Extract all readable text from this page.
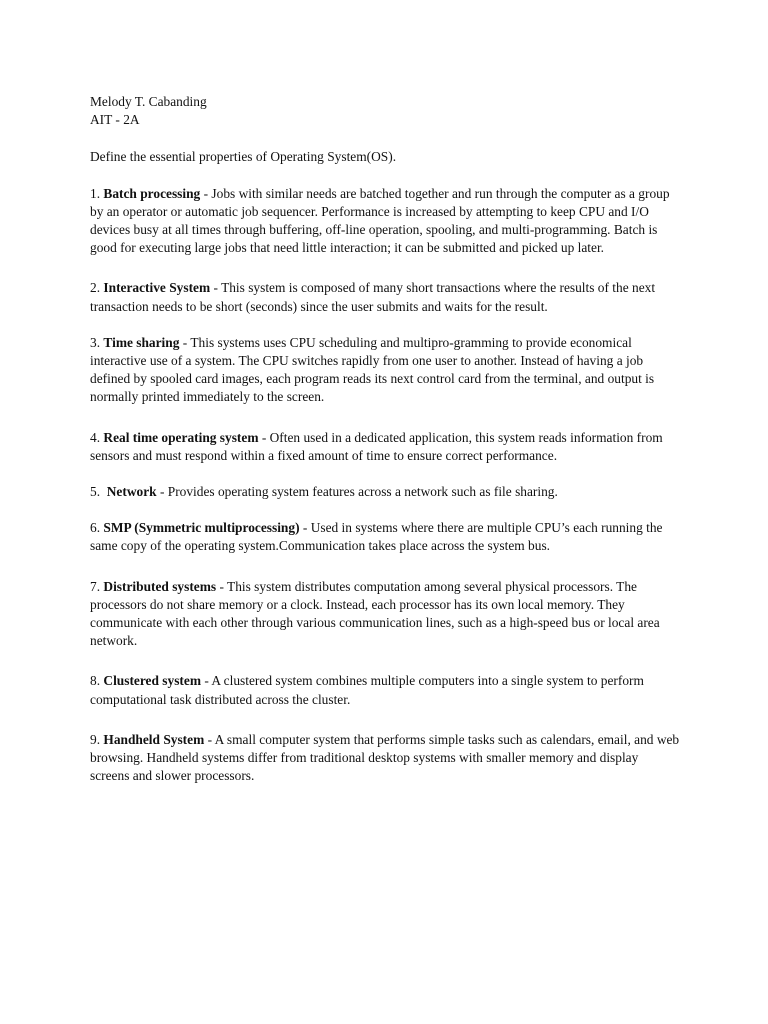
Melody T. Cabanding

AIT - 2A

Define the essential properties of Operating System(OS).

1. Batch processing - Jobs with similar needs are batched together and run through the computer as a group by an operator or automatic job sequencer. Performance is increased by attempting to keep CPU and I/O devices busy at all times through buffering, off-line operation, spooling, and multi-programming. Batch is good for executing large jobs that need little interaction; it can be submitted and picked up later.

2. Interactive System - This system is composed of many short transactions where the results of the next transaction needs to be short (seconds) since the user submits and waits for the result.

3. Time sharing - This systems uses CPU scheduling and multipro-gramming to provide economical interactive use of a system. The CPU switches rapidly from one user to another. Instead of having a job defined by spooled card images, each program reads its next control card from the terminal, and output is normally printed immediately to the screen.

4. Real time operating system - Often used in a dedicated application, this system reads information from sensors and must respond within a fixed amount of time to ensure correct performance.

5. Network - Provides operating system features across a network such as file sharing.

6. SMP (Symmetric multiprocessing) - Used in systems where there are multiple CPU’s each running the same copy of the operating system.Communication takes place across the system bus.

7. Distributed systems - This system distributes computation among several physical processors. The processors do not share memory or a clock. Instead, each processor has its own local memory. They communicate with each other through various communication lines, such as a high-speed bus or local area network.

8. Clustered system - A clustered system combines multiple computers into a single system to perform computational task distributed across the cluster.

9. Handheld System - A small computer system that performs simple tasks such as calendars, email, and web browsing. Handheld systems differ from traditional desktop systems with smaller memory and display screens and slower processors.
